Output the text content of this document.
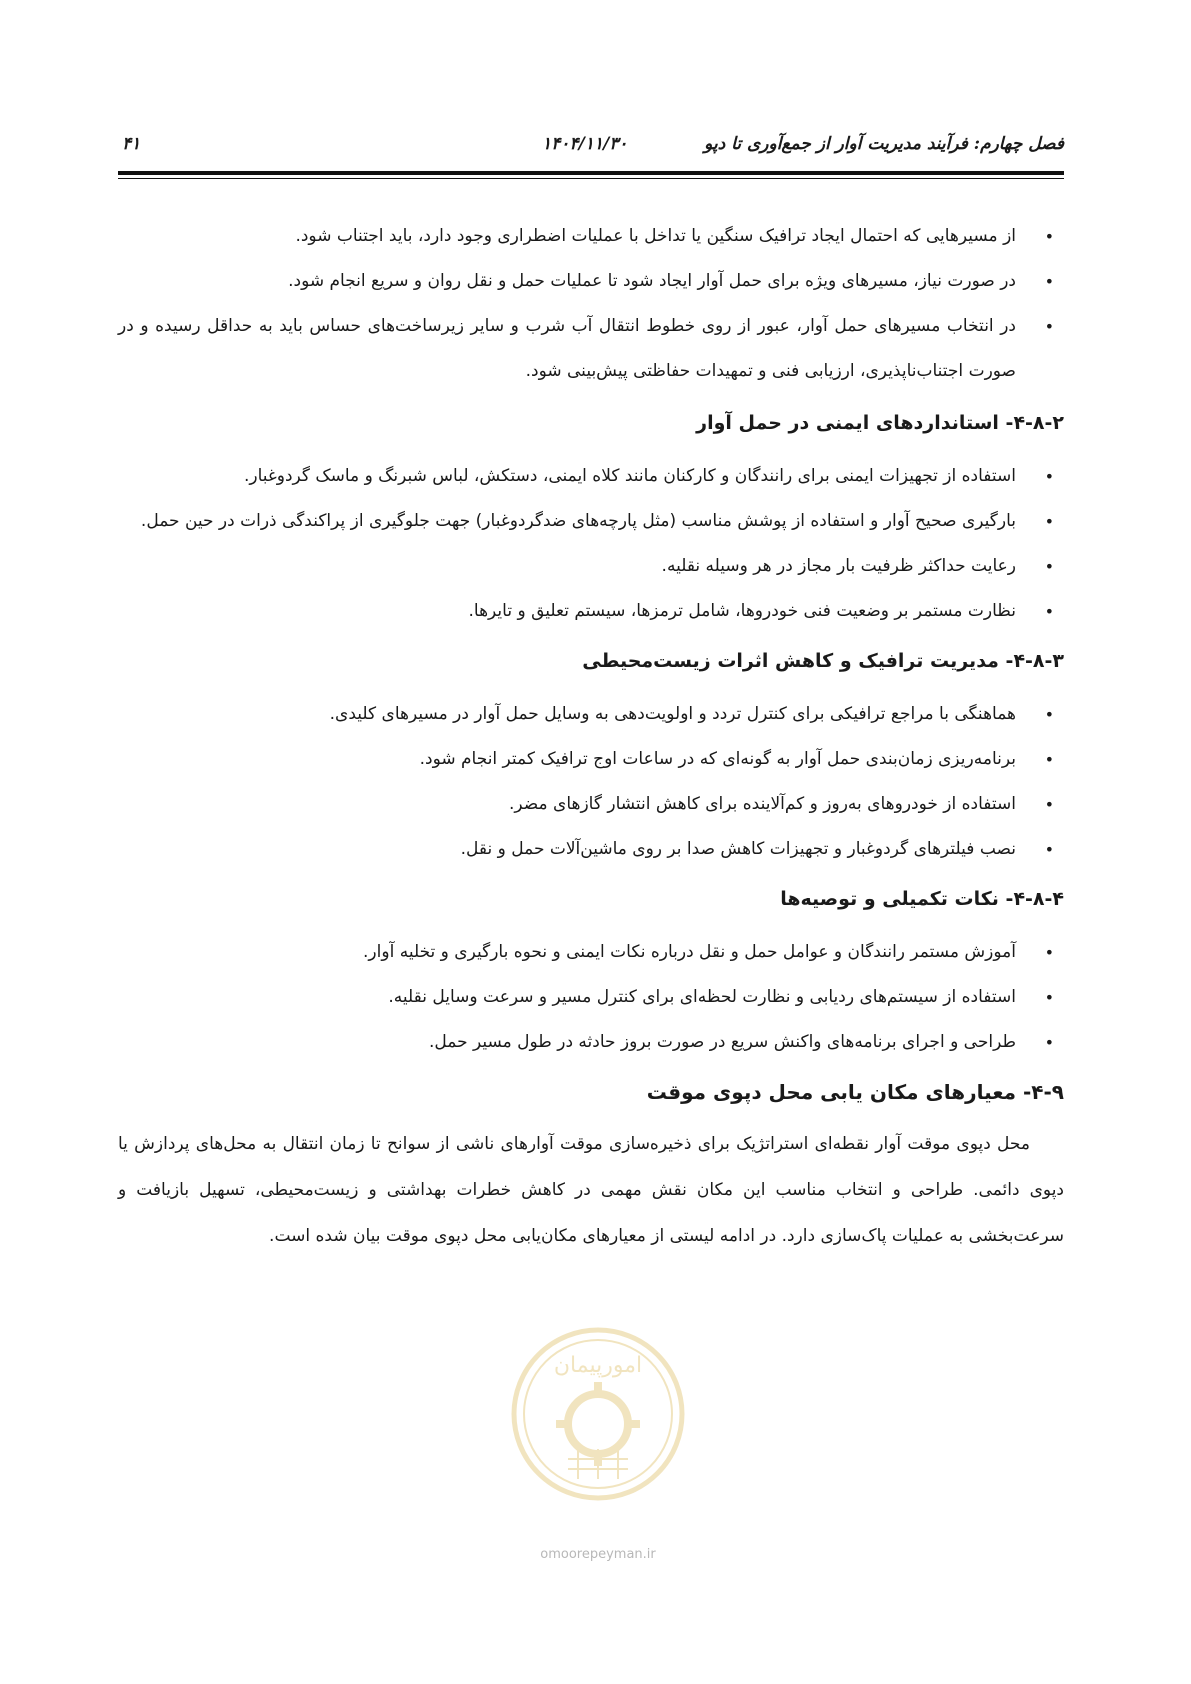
فصل چهارم: فرآیند مدیریت آوار از جمع‌آوری تا دپو
۱۴۰۴/۱۱/۳۰
۴۱
•
از مسیرهایی که احتمال ایجاد ترافیک سنگین یا تداخل با عملیات اضطراری وجود دارد، باید اجتناب شود.
•
در صورت نیاز، مسیرهای ویژه برای حمل آوار ایجاد شود تا عملیات حمل و نقل روان و سریع انجام شود.
•
در انتخاب مسیرهای حمل آوار، عبور از روی خطوط انتقال آب شرب و سایر زیرساخت‌های حساس باید به حداقل رسیده و در صورت اجتناب‌ناپذیری، ارزیابی فنی و تمهیدات حفاظتی پیش‌بینی شود.
۴-۸-۲- استانداردهای ایمنی در حمل آوار
•
استفاده از تجهیزات ایمنی برای رانندگان و کارکنان مانند کلاه ایمنی، دستکش، لباس شبرنگ و ماسک گردوغبار.
•
بارگیری صحیح آوار و استفاده از پوشش مناسب (مثل پارچه‌های ضدگردوغبار) جهت جلوگیری از پراکندگی ذرات در حین حمل.
•
رعایت حداکثر ظرفیت بار مجاز در هر وسیله نقلیه.
•
نظارت مستمر بر وضعیت فنی خودروها، شامل ترمزها، سیستم تعلیق و تایرها.
۴-۸-۳- مدیریت ترافیک و کاهش اثرات زیست‌محیطی
•
هماهنگی با مراجع ترافیکی برای کنترل تردد و اولویت‌دهی به وسایل حمل آوار در مسیرهای کلیدی.
•
برنامه‌ریزی زمان‌بندی حمل آوار به گونه‌ای که در ساعات اوج ترافیک کمتر انجام شود.
•
استفاده از خودروهای به‌روز و کم‌آلاینده برای کاهش انتشار گازهای مضر.
•
نصب فیلترهای گردوغبار و تجهیزات کاهش صدا بر روی ماشین‌آلات حمل و نقل.
۴-۸-۴- نکات تکمیلی و توصیه‌ها
•
آموزش مستمر رانندگان و عوامل حمل و نقل درباره نکات ایمنی و نحوه بارگیری و تخلیه آوار.
•
استفاده از سیستم‌های ردیابی و نظارت لحظه‌ای برای کنترل مسیر و سرعت وسایل نقلیه.
•
طراحی و اجرای برنامه‌های واکنش سریع در صورت بروز حادثه در طول مسیر حمل.
۴-۹- معیارهای مکان یابی محل دپوی موقت

محل دپوی موقت آوار نقطه‌ای استراتژیک برای ذخیره‌سازی موقت آوارهای ناشی از سوانح تا زمان انتقال به محل‌های پردازش یا دپوی دائمی. طراحی و انتخاب مناسب این مکان نقش مهمی در کاهش خطرات بهداشتی و زیست‌محیطی، تسهیل بازیافت و سرعت‌بخشی به عملیات پاک‌سازی دارد. در ادامه لیستی از معیارهای مکان‌یابی محل دپوی موقت بیان شده است.

امورپیمان
omoorepeyman.ir
